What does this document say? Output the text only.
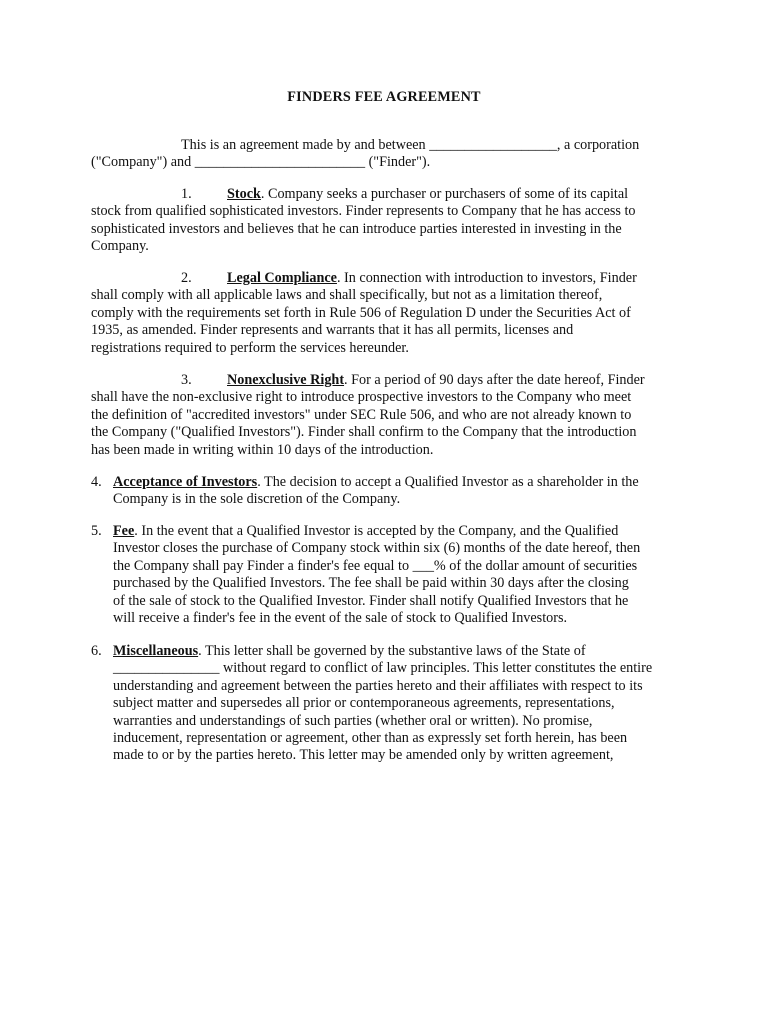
FINDERS FEE AGREEMENT
This is an agreement made by and between __________________, a corporation
("Company") and ________________________ ("Finder").
1. Stock. Company seeks a purchaser or purchasers of some of its capital
stock from qualified sophisticated investors. Finder represents to Company that he has access to
sophisticated investors and believes that he can introduce parties interested in investing in the
Company.
2. Legal Compliance. In connection with introduction to investors, Finder
shall comply with all applicable laws and shall specifically, but not as a limitation thereof,
comply with the requirements set forth in Rule 506 of Regulation D under the Securities Act of
1935, as amended. Finder represents and warrants that it has all permits, licenses and
registrations required to perform the services hereunder.
3. Nonexclusive Right. For a period of 90 days after the date hereof, Finder
shall have the non-exclusive right to introduce prospective investors to the Company who meet
the definition of "accredited investors" under SEC Rule 506, and who are not already known to
the Company ("Qualified Investors"). Finder shall confirm to the Company that the introduction
has been made in writing within 10 days of the introduction.
4. Acceptance of Investors. The decision to accept a Qualified Investor as a shareholder in the
Company is in the sole discretion of the Company.
5. Fee. In the event that a Qualified Investor is accepted by the Company, and the Qualified
Investor closes the purchase of Company stock within six (6) months of the date hereof, then
the Company shall pay Finder a finder's fee equal to ___% of the dollar amount of securities
purchased by the Qualified Investors. The fee shall be paid within 30 days after the closing
of the sale of stock to the Qualified Investor. Finder shall notify Qualified Investors that he
will receive a finder's fee in the event of the sale of stock to Qualified Investors.
6. Miscellaneous. This letter shall be governed by the substantive laws of the State of
_______________ without regard to conflict of law principles. This letter constitutes the entire
understanding and agreement between the parties hereto and their affiliates with respect to its
subject matter and supersedes all prior or contemporaneous agreements, representations,
warranties and understandings of such parties (whether oral or written). No promise,
inducement, representation or agreement, other than as expressly set forth herein, has been
made to or by the parties hereto. This letter may be amended only by written agreement,
